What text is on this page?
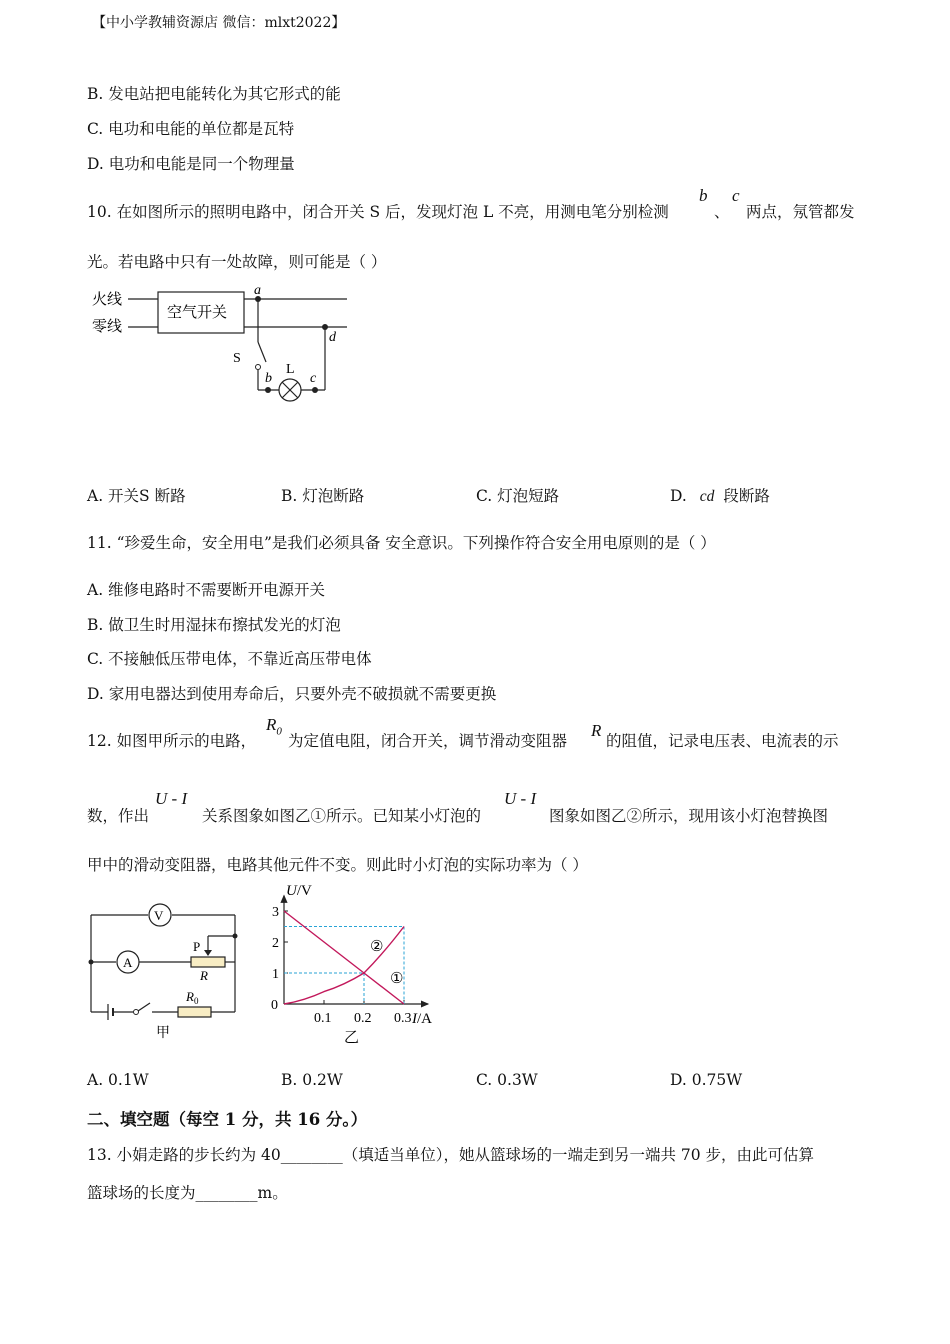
【中小学教辅资源店 微信：mlxt2022】
B. 发电站把电能转化为其它形式的能
C. 电功和电能的单位都是瓦特
D. 电功和电能是同一个物理量
10. 在如图所示的照明电路中，闭合开关 S 后，发现灯泡 L 不亮，用测电笔分别检测
b
、
c
两点，氖管都发
光。若电路中只有一处故障，则可能是（ ）
火线
零线
空气开关
a
S
b
L
c
d
A. 开关S 断路	B. 灯泡断路	C. 灯泡短路	D. cd 段断路
11. “珍爱生命，安全用电”是我们必须具备 安全意识。下列操作符合安全用电原则的是（ ）
A. 维修电路时不需要断开电源开关
B. 做卫生时用湿抹布擦拭发光的灯泡
C. 不接触低压带电体，不靠近高压带电体
D. 家用电器达到使用寿命后，只要外壳不破损就不需要更换
12. 如图甲所示的电路，
$R_0$
为定值电阻，闭合开关，调节滑动变阻器
R
的阻值，记录电压表、电流表的示
数，作出
U - I
关系图象如图乙①所示。已知某小灯泡的
U - I
图象如图乙②所示，现用该小灯泡替换图
甲中的滑动变阻器，电路其他元件不变。则此时小灯泡的实际功率为（ ）
V
A
P
R
$R_0$
甲
1
2
3
0.1 0.2 0.3
0
U/V
I/A
①
②
乙
A. 0.1W	B. 0.2W	C. 0.3W	D. 0.75W
二、填空题（每空 1 分，共 16 分。）
13. 小娟走路的步长约为 40________（填适当单位），她从篮球场的一端走到另一端共 70 步，由此可估算
篮球场的长度为________m。
